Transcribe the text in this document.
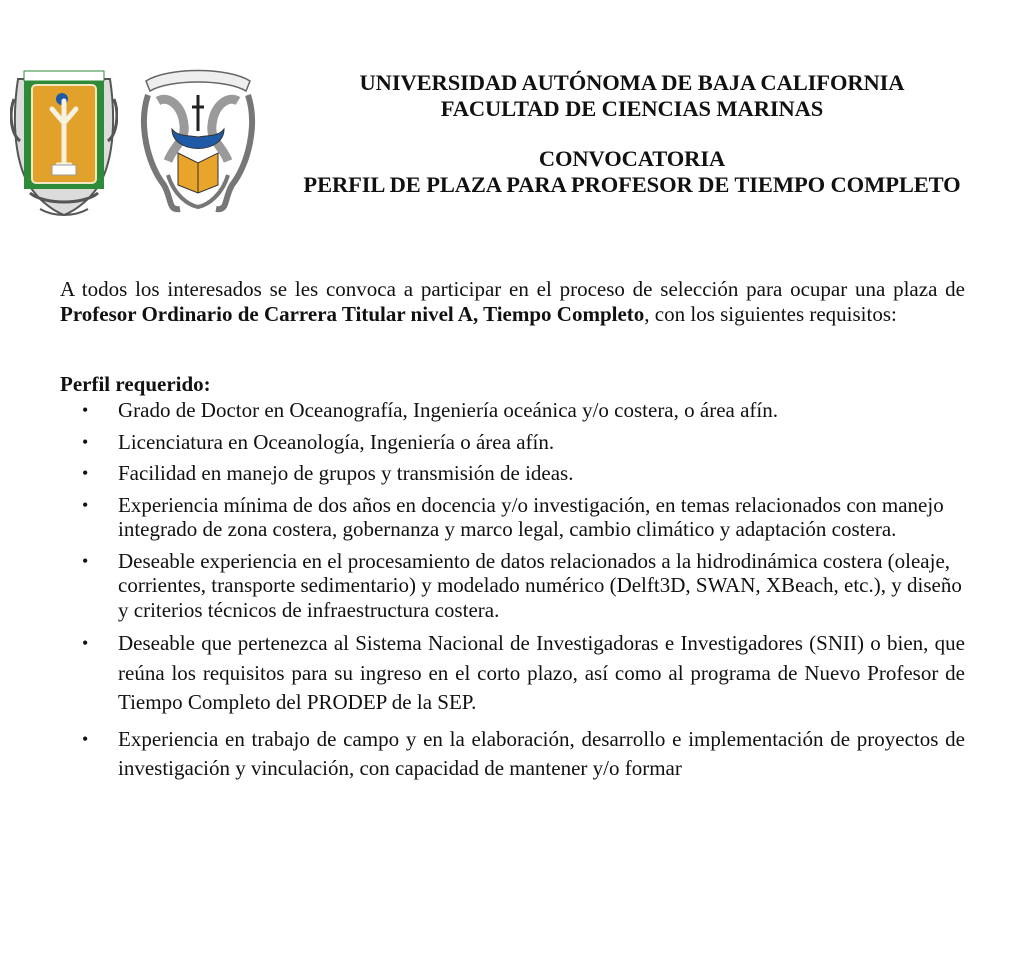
UNIVERSIDAD AUTÓNOMA DE BAJA CALIFORNIA
FACULTAD DE CIENCIAS MARINAS
CONVOCATORIA
PERFIL DE PLAZA PARA PROFESOR DE TIEMPO COMPLETO

A todos los interesados se les convoca a participar en el proceso de selección para ocupar una plaza de Profesor Ordinario de Carrera Titular nivel A, Tiempo Completo, con los siguientes requisitos:

Perfil requerido:
• Grado de Doctor en Oceanografía, Ingeniería oceánica y/o costera, o área afín.
• Licenciatura en Oceanología, Ingeniería o área afín.
• Facilidad en manejo de grupos y transmisión de ideas.
• Experiencia mínima de dos años en docencia y/o investigación, en temas relacionados con manejo integrado de zona costera, gobernanza y marco legal, cambio climático y adaptación costera.
• Deseable experiencia en el procesamiento de datos relacionados a la hidrodinámica costera (oleaje, corrientes, transporte sedimentario) y modelado numérico (Delft3D, SWAN, XBeach, etc.), y diseño y criterios técnicos de infraestructura costera.
• Deseable que pertenezca al Sistema Nacional de Investigadoras e Investigadores (SNII) o bien, que reúna los requisitos para su ingreso en el corto plazo, así como al programa de Nuevo Profesor de Tiempo Completo del PRODEP de la SEP.
• Experiencia en trabajo de campo y en la elaboración, desarrollo e implementación de proyectos de investigación y vinculación, con capacidad de mantener y/o formar
